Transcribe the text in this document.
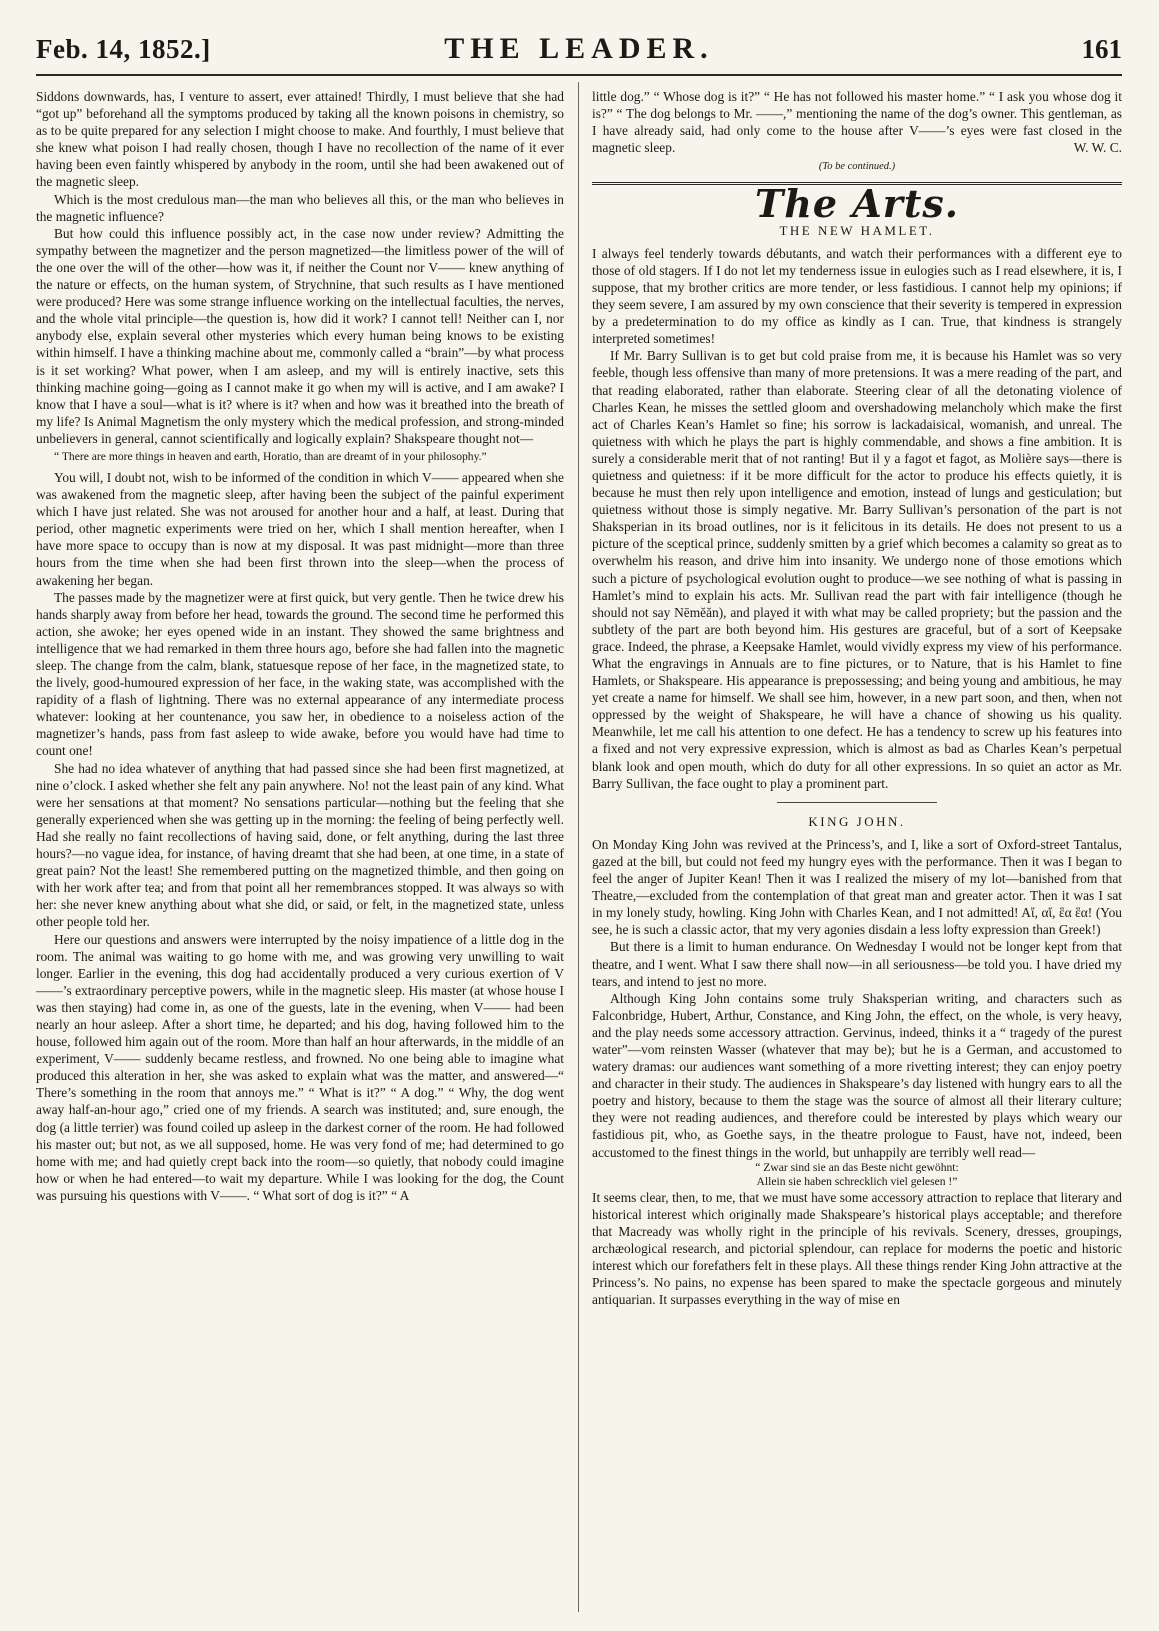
Feb. 14, 1852.]	THE LEADER.	161

Siddons downwards, has, I venture to assert, ever attained! Thirdly, I must believe that she had “got up” beforehand all the symptoms produced by taking all the known poisons in chemistry, so as to be quite prepared for any selection I might choose to make. And fourthly, I must believe that she knew what poison I had really chosen, though I have no recollection of the name of it ever having been even faintly whispered by anybody in the room, until she had been awakened out of the magnetic sleep.

Which is the most credulous man—the man who believes all this, or the man who believes in the magnetic influence?

But how could this influence possibly act, in the case now under review? Admitting the sympathy between the magnetizer and the person magnetized—the limitless power of the will of the one over the will of the other—how was it, if neither the Count nor V—— knew anything of the nature or effects, on the human system, of Strychnine, that such results as I have mentioned were produced? Here was some strange influence working on the intellectual faculties, the nerves, and the whole vital principle—the question is, how did it work? I cannot tell! Neither can I, nor anybody else, explain several other mysteries which every human being knows to be existing within himself. I have a thinking machine about me, commonly called a “brain”—by what process is it set working? What power, when I am asleep, and my will is entirely inactive, sets this thinking machine going—going as I cannot make it go when my will is active, and I am awake? I know that I have a soul—what is it? where is it? when and how was it breathed into the breath of my life? Is Animal Magnetism the only mystery which the medical profession, and strong-minded unbelievers in general, cannot scientifically and logically explain? Shakspeare thought not—

“ There are more things in heaven and earth, Horatio, than are dreamt of in your philosophy.”

You will, I doubt not, wish to be informed of the condition in which V—— appeared when she was awakened from the magnetic sleep, after having been the subject of the painful experiment which I have just related. She was not aroused for another hour and a half, at least. During that period, other magnetic experiments were tried on her, which I shall mention hereafter, when I have more space to occupy than is now at my disposal. It was past midnight—more than three hours from the time when she had been first thrown into the sleep—when the process of awakening her began.

The passes made by the magnetizer were at first quick, but very gentle. Then he twice drew his hands sharply away from before her head, towards the ground. The second time he performed this action, she awoke; her eyes opened wide in an instant. They showed the same brightness and intelligence that we had remarked in them three hours ago, before she had fallen into the magnetic sleep. The change from the calm, blank, statuesque repose of her face, in the magnetized state, to the lively, good-humoured expression of her face, in the waking state, was accomplished with the rapidity of a flash of lightning. There was no external appearance of any intermediate process whatever: looking at her countenance, you saw her, in obedience to a noiseless action of the magnetizer’s hands, pass from fast asleep to wide awake, before you would have had time to count one!

She had no idea whatever of anything that had passed since she had been first magnetized, at nine o’clock. I asked whether she felt any pain anywhere. No! not the least pain of any kind. What were her sensations at that moment? No sensations particular—nothing but the feeling that she generally experienced when she was getting up in the morning: the feeling of being perfectly well. Had she really no faint recollections of having said, done, or felt anything, during the last three hours?—no vague idea, for instance, of having dreamt that she had been, at one time, in a state of great pain? Not the least! She remembered putting on the magnetized thimble, and then going on with her work after tea; and from that point all her remembrances stopped. It was always so with her: she never knew anything about what she did, or said, or felt, in the magnetized state, unless other people told her.

Here our questions and answers were interrupted by the noisy impatience of a little dog in the room. The animal was waiting to go home with me, and was growing very unwilling to wait longer. Earlier in the evening, this dog had accidentally produced a very curious exertion of V——’s extraordinary perceptive powers, while in the magnetic sleep. His master (at whose house I was then staying) had come in, as one of the guests, late in the evening, when V—— had been nearly an hour asleep. After a short time, he departed; and his dog, having followed him to the house, followed him again out of the room. More than half an hour afterwards, in the middle of an experiment, V—— suddenly became restless, and frowned. No one being able to imagine what produced this alteration in her, she was asked to explain what was the matter, and answered—“ There’s something in the room that annoys me.” “ What is it?” “ A dog.” “ Why, the dog went away half-an-hour ago,” cried one of my friends. A search was instituted; and, sure enough, the dog (a little terrier) was found coiled up asleep in the darkest corner of the room. He had followed his master out; but not, as we all supposed, home. He was very fond of me; had determined to go home with me; and had quietly crept back into the room—so quietly, that nobody could imagine how or when he had entered—to wait my departure. While I was looking for the dog, the Count was pursuing his questions with V——. “ What sort of dog is it?” “ A

little dog.” “ Whose dog is it?” “ He has not followed his master home.” “ I ask you whose dog it is?” “ The dog belongs to Mr. ——,” mentioning the name of the dog’s owner. This gentleman, as I have already said, had only come to the house after V——’s eyes were fast closed in the magnetic sleep.	W. W. C.

(To be continued.)

The Arts.
THE NEW HAMLET.

I always feel tenderly towards débutants, and watch their performances with a different eye to those of old stagers. If I do not let my tenderness issue in eulogies such as I read elsewhere, it is, I suppose, that my brother critics are more tender, or less fastidious. I cannot help my opinions; if they seem severe, I am assured by my own conscience that their severity is tempered in expression by a predetermination to do my office as kindly as I can. True, that kindness is strangely interpreted sometimes!

If Mr. Barry Sullivan is to get but cold praise from me, it is because his Hamlet was so very feeble, though less offensive than many of more pretensions. It was a mere reading of the part, and that reading elaborated, rather than elaborate. Steering clear of all the detonating violence of Charles Kean, he misses the settled gloom and overshadowing melancholy which make the first act of Charles Kean’s Hamlet so fine; his sorrow is lackadaisical, womanish, and unreal. The quietness with which he plays the part is highly commendable, and shows a fine ambition. It is surely a considerable merit that of not ranting! But il y a fagot et fagot, as Molière says—there is quietness and quietness: if it be more difficult for the actor to produce his effects quietly, it is because he must then rely upon intelligence and emotion, instead of lungs and gesticulation; but quietness without those is simply negative. Mr. Barry Sullivan’s personation of the part is not Shaksperian in its broad outlines, nor is it felicitous in its details. He does not present to us a picture of the sceptical prince, suddenly smitten by a grief which becomes a calamity so great as to overwhelm his reason, and drive him into insanity. We undergo none of those emotions which such a picture of psychological evolution ought to produce—we see nothing of what is passing in Hamlet’s mind to explain his acts. Mr. Sullivan read the part with fair intelligence (though he should not say Nēmĕăn), and played it with what may be called propriety; but the passion and the subtlety of the part are both beyond him. His gestures are graceful, but of a sort of Keepsake grace. Indeed, the phrase, a Keepsake Hamlet, would vividly express my view of his performance. What the engravings in Annuals are to fine pictures, or to Nature, that is his Hamlet to fine Hamlets, or Shakspeare. His appearance is prepossessing; and being young and ambitious, he may yet create a name for himself. We shall see him, however, in a new part soon, and then, when not oppressed by the weight of Shakspeare, he will have a chance of showing us his quality. Meanwhile, let me call his attention to one defect. He has a tendency to screw up his features into a fixed and not very expressive expression, which is almost as bad as Charles Kean’s perpetual blank look and open mouth, which do duty for all other expressions. In so quiet an actor as Mr. Barry Sullivan, the face ought to play a prominent part.

KING JOHN.

On Monday King John was revived at the Princess’s, and I, like a sort of Oxford-street Tantalus, gazed at the bill, but could not feed my hungry eyes with the performance. Then it was I began to feel the anger of Jupiter Kean! Then it was I realized the misery of my lot—banished from that Theatre,—excluded from the contemplation of that great man and greater actor. Then it was I sat in my lonely study, howling. King John with Charles Kean, and I not admitted! Aἴ, αἴ, ἓα ἓα! (You see, he is such a classic actor, that my very agonies disdain a less lofty expression than Greek!)

But there is a limit to human endurance. On Wednesday I would not be longer kept from that theatre, and I went. What I saw there shall now—in all seriousness—be told you. I have dried my tears, and intend to jest no more.

Although King John contains some truly Shaksperian writing, and characters such as Falconbridge, Hubert, Arthur, Constance, and King John, the effect, on the whole, is very heavy, and the play needs some accessory attraction. Gervinus, indeed, thinks it a “ tragedy of the purest water”—vom reinsten Wasser (whatever that may be); but he is a German, and accustomed to watery dramas: our audiences want something of a more rivetting interest; they can enjoy poetry and character in their study. The audiences in Shakspeare’s day listened with hungry ears to all the poetry and history, because to them the stage was the source of almost all their literary culture; they were not reading audiences, and therefore could be interested by plays which weary our fastidious pit, who, as Goethe says, in the theatre prologue to Faust, have not, indeed, been accustomed to the finest things in the world, but unhappily are terribly well read—

“ Zwar sind sie an das Beste nicht gewöhnt:
Allein sie haben schrecklich viel gelesen !”

It seems clear, then, to me, that we must have some accessory attraction to replace that literary and historical interest which originally made Shakspeare’s historical plays acceptable; and therefore that Macready was wholly right in the principle of his revivals. Scenery, dresses, groupings, archæological research, and pictorial splendour, can replace for moderns the poetic and historic interest which our forefathers felt in these plays. All these things render King John attractive at the Princess’s. No pains, no expense has been spared to make the spectacle gorgeous and minutely antiquarian. It surpasses everything in the way of mise en
